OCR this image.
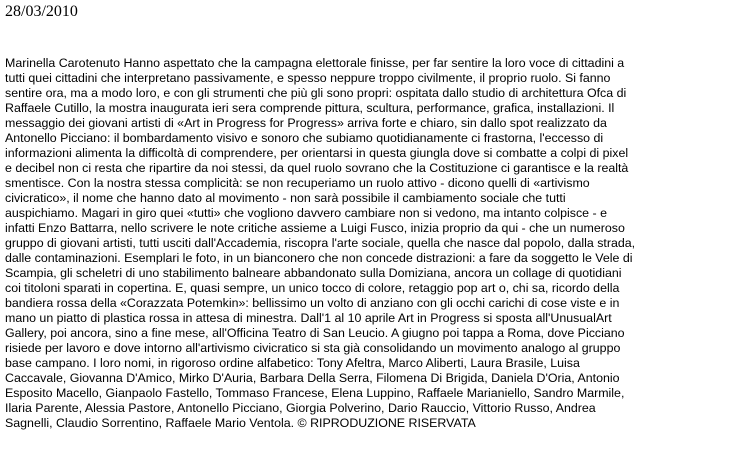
28/03/2010
Marinella Carotenuto Hanno aspettato che la campagna elettorale finisse, per far sentire la loro voce di cittadini a
tutti quei cittadini che interpretano passivamente, e spesso neppure troppo civilmente, il proprio ruolo. Si fanno
sentire ora, ma a modo loro, e con gli strumenti che più gli sono propri: ospitata dallo studio di architettura Ofca di
Raffaele Cutillo, la mostra inaugurata ieri sera comprende pittura, scultura, performance, grafica, installazioni. Il
messaggio dei giovani artisti di «Art in Progress for Progress» arriva forte e chiaro, sin dallo spot realizzato da
Antonello Picciano: il bombardamento visivo e sonoro che subiamo quotidianamente ci frastorna, l'eccesso di
informazioni alimenta la difficoltà di comprendere, per orientarsi in questa giungla dove si combatte a colpi di pixel
e decibel non ci resta che ripartire da noi stessi, da quel ruolo sovrano che la Costituzione ci garantisce e la realtà
smentisce. Con la nostra stessa complicità: se non recuperiamo un ruolo attivo - dicono quelli di «artivismo
civicratico», il nome che hanno dato al movimento - non sarà possibile il cambiamento sociale che tutti
auspichiamo. Magari in giro quei «tutti» che vogliono davvero cambiare non si vedono, ma intanto colpisce - e
infatti Enzo Battarra, nello scrivere le note critiche assieme a Luigi Fusco, inizia proprio da qui - che un numeroso
gruppo di giovani artisti, tutti usciti dall'Accademia, riscopra l'arte sociale, quella che nasce dal popolo, dalla strada,
dalle contaminazioni. Esemplari le foto, in un bianconero che non concede distrazioni: a fare da soggetto le Vele di
Scampia, gli scheletri di uno stabilimento balneare abbandonato sulla Domiziana, ancora un collage di quotidiani
coi titoloni sparati in copertina. E, quasi sempre, un unico tocco di colore, retaggio pop art o, chi sa, ricordo della
bandiera rossa della «Corazzata Potemkin»: bellissimo un volto di anziano con gli occhi carichi di cose viste e in
mano un piatto di plastica rossa in attesa di minestra. Dall'1 al 10 aprile Art in Progress si sposta all'UnusualArt
Gallery, poi ancora, sino a fine mese, all'Officina Teatro di San Leucio. A giugno poi tappa a Roma, dove Picciano
risiede per lavoro e dove intorno all'artivismo civicratico si sta già consolidando un movimento analogo al gruppo
base campano. I loro nomi, in rigoroso ordine alfabetico: Tony Afeltra, Marco Aliberti, Laura Brasile, Luisa
Caccavale, Giovanna D'Amico, Mirko D'Auria, Barbara Della Serra, Filomena Di Brigida, Daniela D'Oria, Antonio
Esposito Macello, Gianpaolo Fastello, Tommaso Francese, Elena Luppino, Raffaele Marianiello, Sandro Marmile,
Ilaria Parente, Alessia Pastore, Antonello Picciano, Giorgia Polverino, Dario Rauccio, Vittorio Russo, Andrea
Sagnelli, Claudio Sorrentino, Raffaele Mario Ventola. © RIPRODUZIONE RISERVATA
